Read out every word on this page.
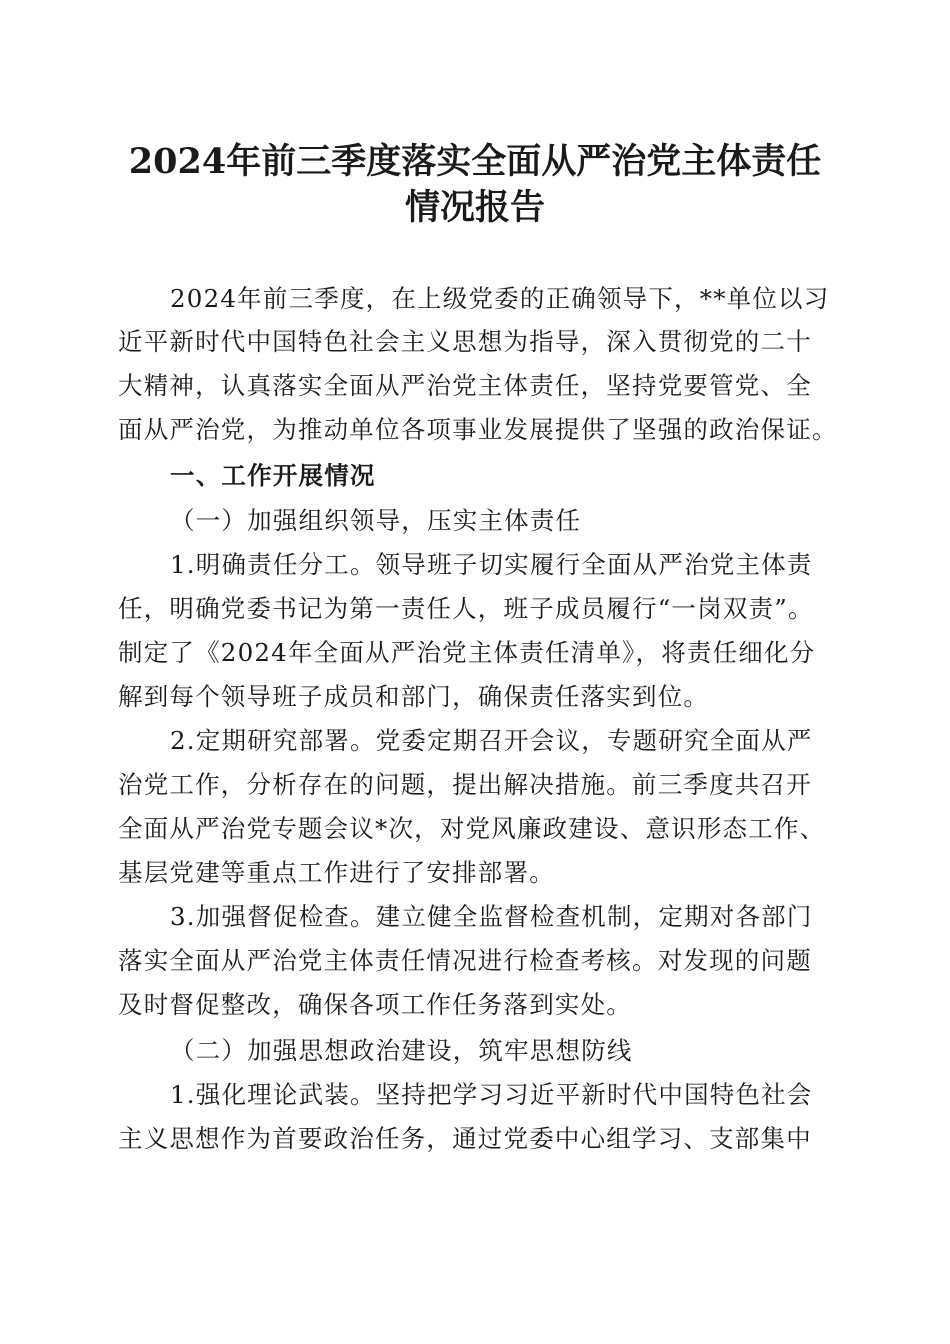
2024年前三季度落实全面从严治党主体责任
情况报告

2024年前三季度，在上级党委的正确领导下，**单位以习

近平新时代中国特色社会主义思想为指导，深入贯彻党的二十

大精神，认真落实全面从严治党主体责任，坚持党要管党、全

面从严治党，为推动单位各项事业发展提供了坚强的政治保证。

一、工作开展情况

（一）加强组织领导，压实主体责任

1.明确责任分工。领导班子切实履行全面从严治党主体责

任，明确党委书记为第一责任人，班子成员履行“一岗双责”。

制定了《2024年全面从严治党主体责任清单》，将责任细化分

解到每个领导班子成员和部门，确保责任落实到位。

2.定期研究部署。党委定期召开会议，专题研究全面从严

治党工作，分析存在的问题，提出解决措施。前三季度共召开

全面从严治党专题会议*次，对党风廉政建设、意识形态工作、

基层党建等重点工作进行了安排部署。

3.加强督促检查。建立健全监督检查机制，定期对各部门

落实全面从严治党主体责任情况进行检查考核。对发现的问题

及时督促整改，确保各项工作任务落到实处。

（二）加强思想政治建设，筑牢思想防线

1.强化理论武装。坚持把学习习近平新时代中国特色社会

主义思想作为首要政治任务，通过党委中心组学习、支部集中
